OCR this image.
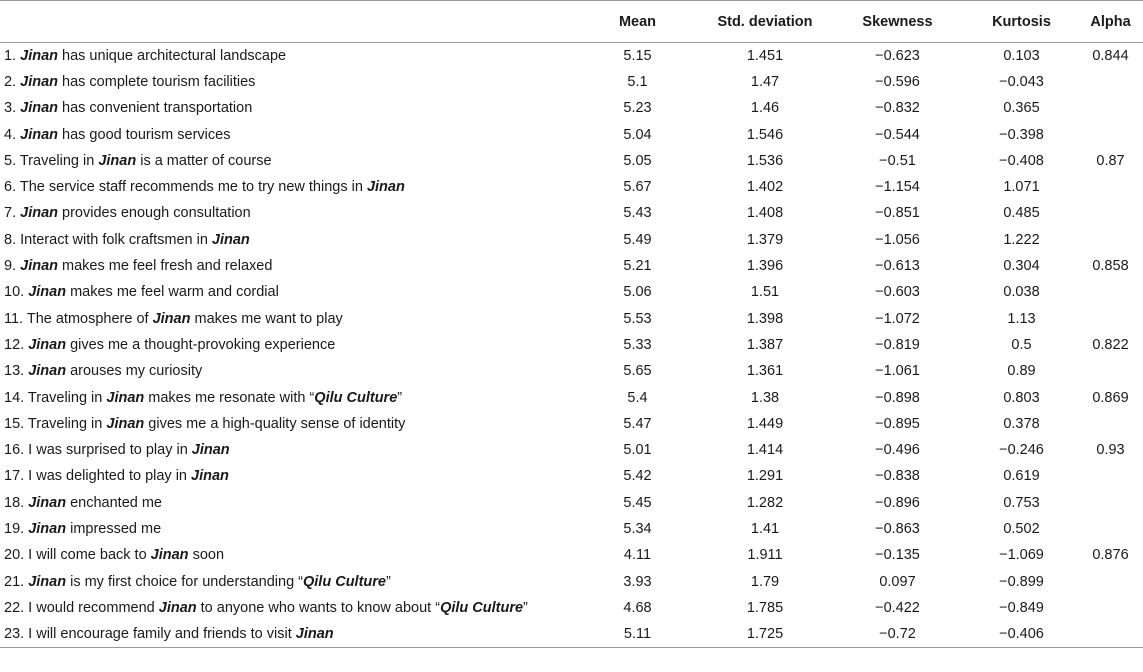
	Mean	Std. deviation	Skewness	Kurtosis	Alpha
1. Jinan has unique architectural landscape	5.15	1.451	−0.623	0.103	0.844
2. Jinan has complete tourism facilities	5.1	1.47	−0.596	−0.043	
3. Jinan has convenient transportation	5.23	1.46	−0.832	0.365	
4. Jinan has good tourism services	5.04	1.546	−0.544	−0.398	
5. Traveling in Jinan is a matter of course	5.05	1.536	−0.51	−0.408	0.87
6. The service staff recommends me to try new things in Jinan	5.67	1.402	−1.154	1.071	
7. Jinan provides enough consultation	5.43	1.408	−0.851	0.485	
8. Interact with folk craftsmen in Jinan	5.49	1.379	−1.056	1.222	
9. Jinan makes me feel fresh and relaxed	5.21	1.396	−0.613	0.304	0.858
10. Jinan makes me feel warm and cordial	5.06	1.51	−0.603	0.038	
11. The atmosphere of Jinan makes me want to play	5.53	1.398	−1.072	1.13	
12. Jinan gives me a thought-provoking experience	5.33	1.387	−0.819	0.5	0.822
13. Jinan arouses my curiosity	5.65	1.361	−1.061	0.89	
14. Traveling in Jinan makes me resonate with “Qilu Culture”	5.4	1.38	−0.898	0.803	0.869
15. Traveling in Jinan gives me a high-quality sense of identity	5.47	1.449	−0.895	0.378	
16. I was surprised to play in Jinan	5.01	1.414	−0.496	−0.246	0.93
17. I was delighted to play in Jinan	5.42	1.291	−0.838	0.619	
18. Jinan enchanted me	5.45	1.282	−0.896	0.753	
19. Jinan impressed me	5.34	1.41	−0.863	0.502	
20. I will come back to Jinan soon	4.11	1.911	−0.135	−1.069	0.876
21. Jinan is my first choice for understanding “Qilu Culture”	3.93	1.79	0.097	−0.899	
22. I would recommend Jinan to anyone who wants to know about “Qilu Culture”	4.68	1.785	−0.422	−0.849	
23. I will encourage family and friends to visit Jinan	5.11	1.725	−0.72	−0.406	
